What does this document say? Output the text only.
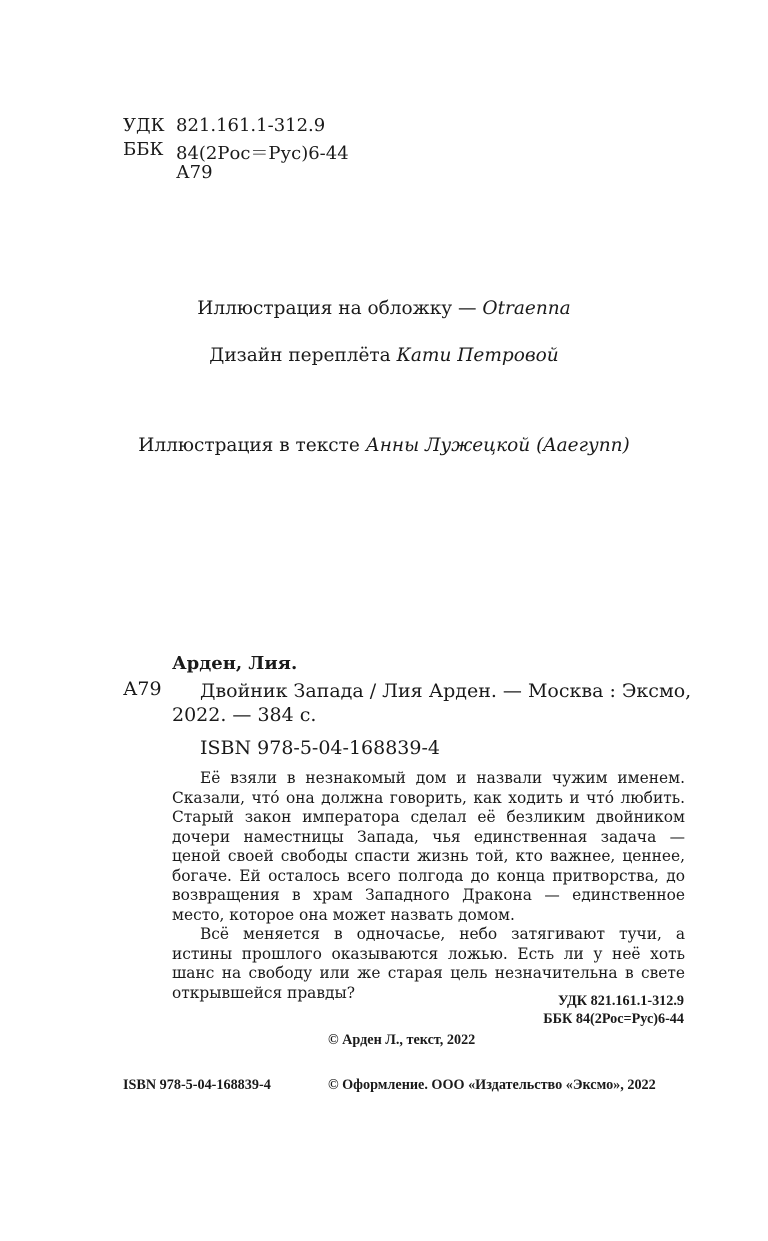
УДК 821.161.1-312.9
ББК 84(2Рос＝Рус)6-44
А79
Иллюстрация на обложку — Otraenna
Дизайн переплёта Кати Петровой
Иллюстрация в тексте Анны Лужецкой (Aaeгупп)
Арден, Лия.
А79 Двойник Запада / Лия Арден. — Москва : Эксмо,
2022. — 384 с.
ISBN 978-5-04-168839-4

Её взяли в незнакомый дом и назвали чужим именем. Сказали, что́ она должна говорить, как ходить и что́ любить. Старый закон императора сделал её безликим двойником дочери наместницы Запада, чья единственная задача — ценой своей свободы спасти жизнь той, кто важнее, ценнее, богаче. Ей осталось всего полгода до конца притворства, до возвращения в храм Западного Дракона — единственное место, которое она может назвать домом.

Всё меняется в одночасье, небо затягивают тучи, а истины прошлого оказываются ложью. Есть ли у неё хоть шанс на свободу или же старая цель незначительна в свете открывшейся правды?	УДК 821.161.1-312.9
ББК 84(2Рос=Рус)6-44
© Арден Л., текст, 2022
© Оформление. ООО «Издательство «Эксмо», 2022
ISBN 978-5-04-168839-4
